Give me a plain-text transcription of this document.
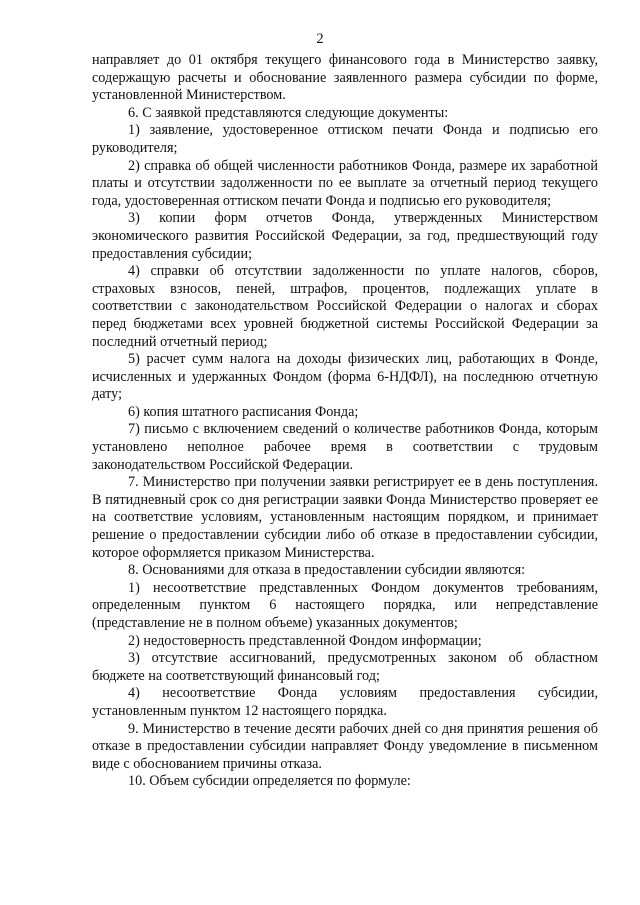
2

направляет до 01 октября текущего финансового года в Министерство заявку, содержащую расчеты и обоснование заявленного размера субсидии по форме, установленной Министерством.

6. С заявкой представляются следующие документы:

1) заявление, удостоверенное оттиском печати Фонда и подписью его руководителя;

2) справка об общей численности работников Фонда, размере их заработной платы и отсутствии задолженности по ее выплате за отчетный период текущего года, удостоверенная оттиском печати Фонда и подписью его руководителя;

3) копии форм отчетов Фонда, утвержденных Министерством экономического развития Российской Федерации, за год, предшествующий году предоставления субсидии;

4) справки об отсутствии задолженности по уплате налогов, сборов, страховых взносов, пеней, штрафов, процентов, подлежащих уплате в соответствии с законодательством Российской Федерации о налогах и сборах перед бюджетами всех уровней бюджетной системы Российской Федерации за последний отчетный период;

5) расчет сумм налога на доходы физических лиц, работающих в Фонде, исчисленных и удержанных Фондом (форма 6-НДФЛ), на последнюю отчетную дату;

6) копия штатного расписания Фонда;

7) письмо с включением сведений о количестве работников Фонда, которым установлено неполное рабочее время в соответствии с трудовым законодательством Российской Федерации.

7. Министерство при получении заявки регистрирует ее в день поступления. В пятидневный срок со дня регистрации заявки Фонда Министерство проверяет ее на соответствие условиям, установленным настоящим порядком, и принимает решение о предоставлении субсидии либо об отказе в предоставлении субсидии, которое оформляется приказом Министерства.

8. Основаниями для отказа в предоставлении субсидии являются:

1) несоответствие представленных Фондом документов требованиям, определенным пунктом 6 настоящего порядка, или непредставление (представление не в полном объеме) указанных документов;

2) недостоверность представленной Фондом информации;

3) отсутствие ассигнований, предусмотренных законом об областном бюджете на соответствующий финансовый год;

4) несоответствие Фонда условиям предоставления субсидии, установленным пунктом 12 настоящего порядка.

9. Министерство в течение десяти рабочих дней со дня принятия решения об отказе в предоставлении субсидии направляет Фонду уведомление в письменном виде с обоснованием причины отказа.

10. Объем субсидии определяется по формуле:
